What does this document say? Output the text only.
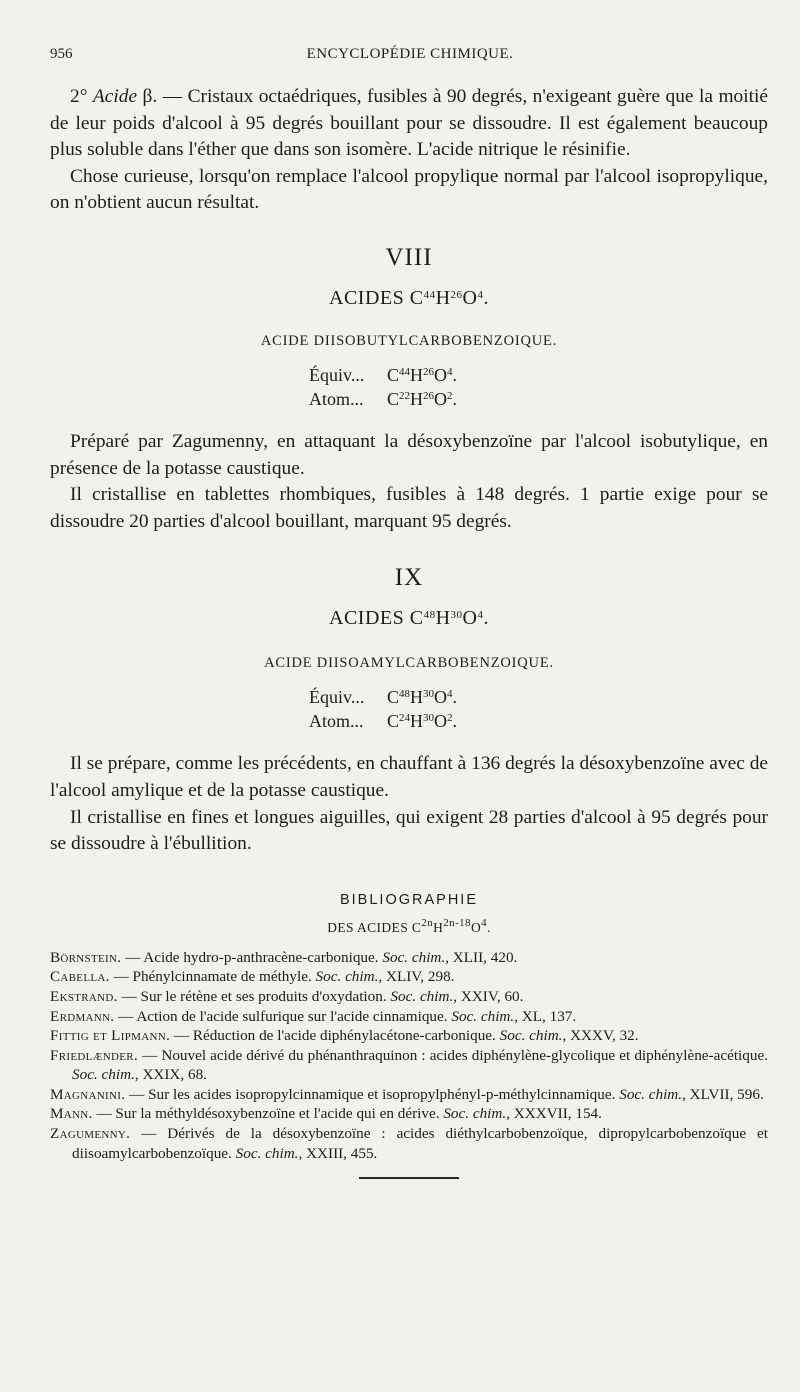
956	ENCYCLOPÉDIE CHIMIQUE.

2° Acide β. — Cristaux octaédriques, fusibles à 90 degrés, n'exigeant guère que la moitié de leur poids d'alcool à 95 degrés bouillant pour se dissoudre. Il est également beaucoup plus soluble dans l'éther que dans son isomère. L'acide nitrique le résinifie.

Chose curieuse, lorsqu'on remplace l'alcool propylique normal par l'alcool isopropylique, on n'obtient aucun résultat.

VIII
ACIDES $C^{44}H^{26}O^4$.
ACIDE DIISOBUTYLCARBOBENZOIQUE.
Équiv... $C^{44}H^{26}O^4$.
Atom... $C^{22}H^{26}O^2$.

Préparé par Zagumenny, en attaquant la désoxybenzoïne par l'alcool isobutylique, en présence de la potasse caustique.

Il cristallise en tablettes rhombiques, fusibles à 148 degrés. 1 partie exige pour se dissoudre 20 parties d'alcool bouillant, marquant 95 degrés.

IX
ACIDES $C^{48}H^{30}O^4$.
ACIDE DIISOAMYLCARBOBENZOIQUE.
Équiv... $C^{48}H^{30}O^4$.
Atom... $C^{24}H^{30}O^2$.

Il se prépare, comme les précédents, en chauffant à 136 degrés la désoxybenzoïne avec de l'alcool amylique et de la potasse caustique.

Il cristallise en fines et longues aiguilles, qui exigent 28 parties d'alcool à 95 degrés pour se dissoudre à l'ébullition.

BIBLIOGRAPHIE
DES ACIDES $C^{2n}H^{2n-18}O^4$.
Börnstein. — Acide hydro-p-anthracène-carbonique. Soc. chim., XLII, 420.
Cabella. — Phénylcinnamate de méthyle. Soc. chim., XLIV, 298.
Ekstrand. — Sur le rétène et ses produits d'oxydation. Soc. chim., XXIV, 60.
Erdmann. — Action de l'acide sulfurique sur l'acide cinnamique. Soc. chim., XL, 137.
Fittig et Lipmann. — Réduction de l'acide diphénylacétone-carbonique. Soc. chim., XXXV, 32.
Friedlænder. — Nouvel acide dérivé du phénanthraquinon : acides diphénylène-glycolique et diphénylène-acétique. Soc. chim., XXIX, 68.
Magnanini. — Sur les acides isopropylcinnamique et isopropylphényl-p-méthylcinnamique. Soc. chim., XLVII, 596.
Mann. — Sur la méthyldésoxybenzoïne et l'acide qui en dérive. Soc. chim., XXXVII, 154.
Zagumenny. — Dérivés de la désoxybenzoïne : acides diéthylcarbobenzoïque, dipropylcarbobenzoïque et diisoamylcarbobenzoïque. Soc. chim., XXIII, 455.
